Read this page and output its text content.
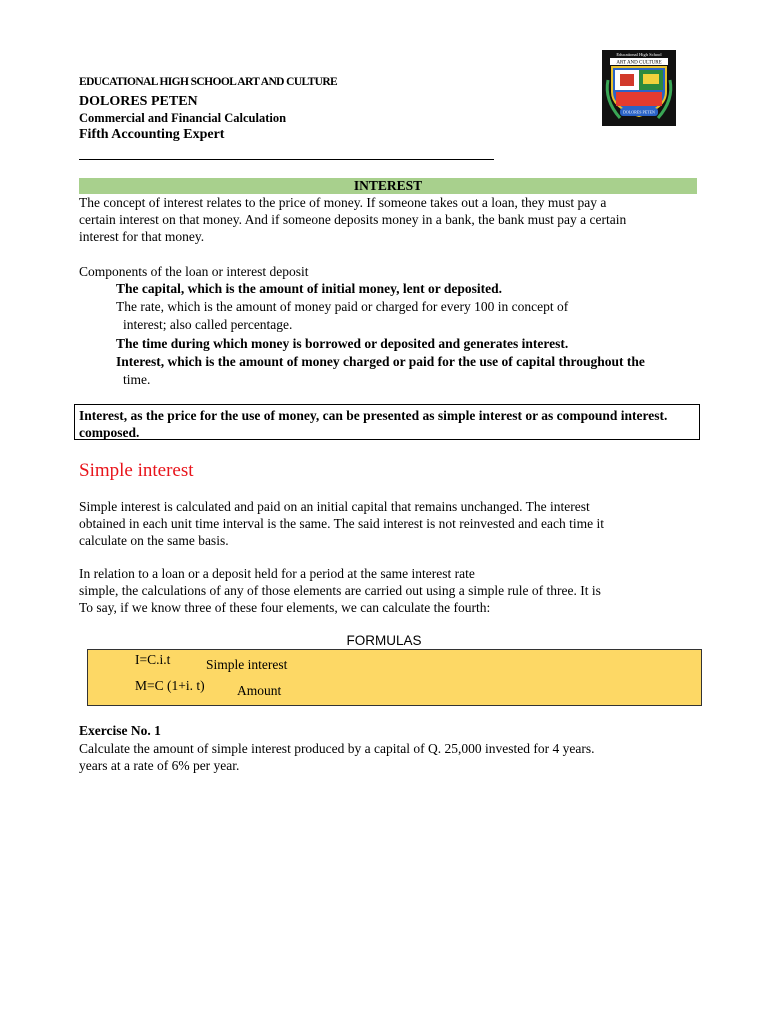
EDUCATIONAL HIGH SCHOOL ART AND CULTURE
DOLORES PETEN
Commercial and Financial Calculation
Fifth Accounting Expert
Educational High School
ART AND CULTURE
DOLORES PETEN
INTEREST
The concept of interest relates to the price of money. If someone takes out a loan, they must pay a
certain interest on that money. And if someone deposits money in a bank, the bank must pay a certain
interest for that money.
Components of the loan or interest deposit
The capital, which is the amount of initial money, lent or deposited.
The rate, which is the amount of money paid or charged for every 100 in concept of
interest; also called percentage.
The time during which money is borrowed or deposited and generates interest.
Interest, which is the amount of money charged or paid for the use of capital throughout the
time.
Interest, as the price for the use of money, can be presented as simple interest or as compound interest.
composed.
Simple interest
Simple interest is calculated and paid on an initial capital that remains unchanged. The interest
obtained in each unit time interval is the same. The said interest is not reinvested and each time it
calculate on the same basis.
In relation to a loan or a deposit held for a period at the same interest rate
simple, the calculations of any of those elements are carried out using a simple rule of three. It is
To say, if we know three of these four elements, we can calculate the fourth:
FORMULAS
I=C.i.t	Simple interest
M=C (1+i. t) Amount
Exercise No. 1
Calculate the amount of simple interest produced by a capital of Q. 25,000 invested for 4 years.
years at a rate of 6% per year.
